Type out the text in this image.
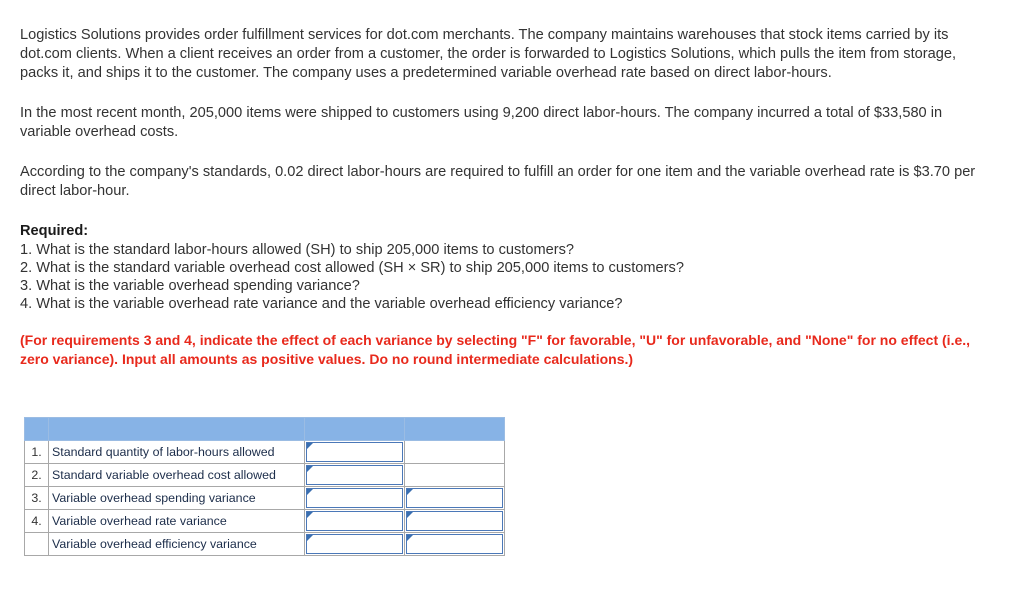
Logistics Solutions provides order fulfillment services for dot.com merchants. The company maintains warehouses that stock items carried by its dot.com clients. When a client receives an order from a customer, the order is forwarded to Logistics Solutions, which pulls the item from storage, packs it, and ships it to the customer. The company uses a predetermined variable overhead rate based on direct labor-hours.

In the most recent month, 205,000 items were shipped to customers using 9,200 direct labor-hours. The company incurred a total of $33,580 in variable overhead costs.

According to the company's standards, 0.02 direct labor-hours are required to fulfill an order for one item and the variable overhead rate is $3.70 per direct labor-hour.

Required:

1. What is the standard labor-hours allowed (SH) to ship 205,000 items to customers?
2. What is the standard variable overhead cost allowed (SH × SR) to ship 205,000 items to customers?
3. What is the variable overhead spending variance?
4. What is the variable overhead rate variance and the variable overhead efficiency variance?

(For requirements 3 and 4, indicate the effect of each variance by selecting "F" for favorable, "U" for unfavorable, and "None" for no effect (i.e., zero variance). Input all amounts as positive values. Do no round intermediate calculations.)

1.	Standard quantity of labor-hours allowed	

2.	Standard variable overhead cost allowed	

3.	Variable overhead spending variance	

4.	Variable overhead rate variance	

	Variable overhead efficiency variance	
